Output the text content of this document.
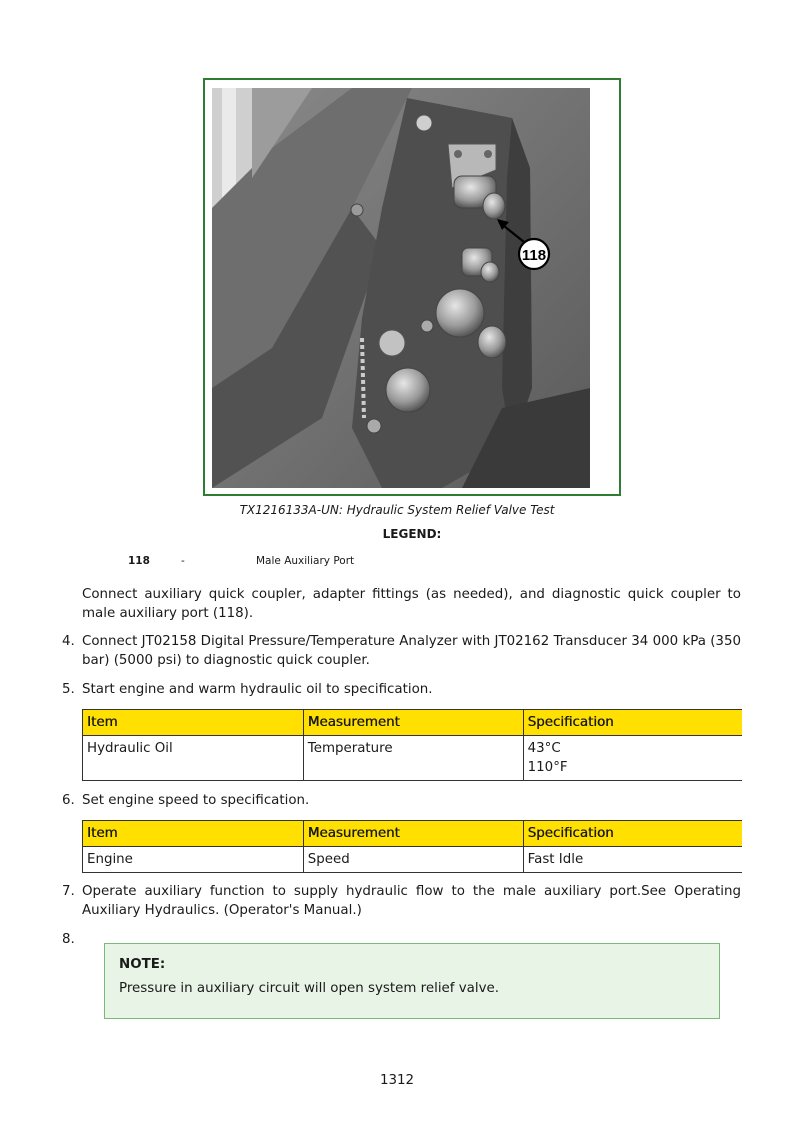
118
TX1216133A-UN: Hydraulic System Relief Valve Test
LEGEND:
118	-	Male Auxiliary Port
Connect auxiliary quick coupler, adapter fittings (as needed), and diagnostic quick coupler to male auxiliary port (118).
4. Connect JT02158 Digital Pressure/Temperature Analyzer with JT02162 Transducer 34 000 kPa (350 bar) (5000 psi) to diagnostic quick coupler.
5. Start engine and warm hydraulic oil to specification.
Item	Measurement	Specification
Hydraulic Oil	Temperature	43°C
110°F
6. Set engine speed to specification.
Item	Measurement	Specification
Engine	Speed	Fast Idle
7. Operate auxiliary function to supply hydraulic flow to the male auxiliary port.See Operating Auxiliary Hydraulics. (Operator's Manual.)
8.
NOTE:
Pressure in auxiliary circuit will open system relief valve.
1312
